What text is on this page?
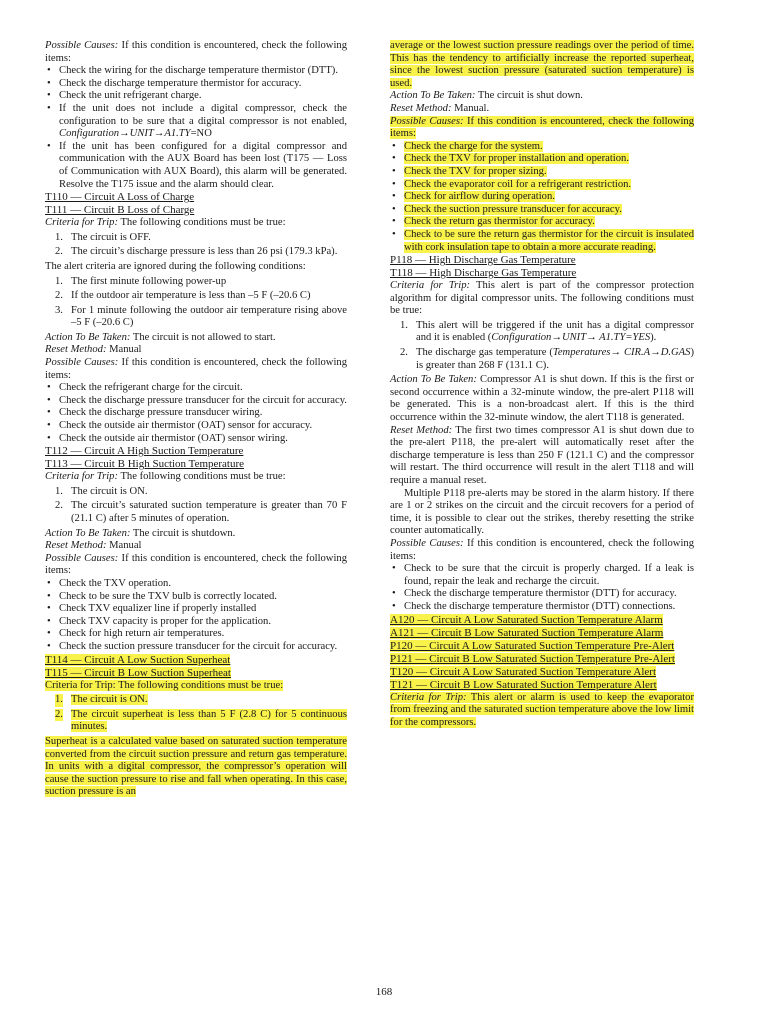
Possible Causes: If this condition is encountered, check the following items:

• Check the wiring for the discharge temperature thermistor (DTT).
• Check the discharge temperature thermistor for accuracy.
• Check the unit refrigerant charge.
• If the unit does not include a digital compressor, check the configuration to be sure that a digital compressor is not enabled, Configuration→UNIT→A1.TY=NO
• If the unit has been configured for a digital compressor and communication with the AUX Board has been lost (T175 — Loss of Communication with AUX Board), this alarm will be generated. Resolve the T175 issue and the alarm should clear.
T110 — Circuit A Loss of Charge
T111 — Circuit B Loss of Charge

Criteria for Trip: The following conditions must be true:

1. The circuit is OFF.
2. The circuit’s discharge pressure is less than 26 psi (179.3 kPa).

The alert criteria are ignored during the following conditions:

1. The first minute following power-up
2. If the outdoor air temperature is less than –5 F (–20.6 C)
3. For 1 minute following the outdoor air temperature rising above –5 F (–20.6 C)

Action To Be Taken: The circuit is not allowed to start.

Reset Method: Manual

Possible Causes: If this condition is encountered, check the following items:

• Check the refrigerant charge for the circuit.
• Check the discharge pressure transducer for the circuit for accuracy.
• Check the discharge pressure transducer wiring.
• Check the outside air thermistor (OAT) sensor for accuracy.
• Check the outside air thermistor (OAT) sensor wiring.
T112 — Circuit A High Suction Temperature
T113 — Circuit B High Suction Temperature

Criteria for Trip: The following conditions must be true:

1. The circuit is ON.
2. The circuit’s saturated suction temperature is greater than 70 F (21.1 C) after 5 minutes of operation.

Action To Be Taken: The circuit is shutdown.

Reset Method: Manual

Possible Causes: If this condition is encountered, check the following items:

• Check the TXV operation.
• Check to be sure the TXV bulb is correctly located.
• Check TXV equalizer line if properly installed
• Check TXV capacity is proper for the application.
• Check for high return air temperatures.
• Check the suction pressure transducer for the circuit for accuracy.
T114 — Circuit A Low Suction Superheat
T115 — Circuit B Low Suction Superheat

Criteria for Trip: The following conditions must be true:

1. The circuit is ON.
2. The circuit superheat is less than 5 F (2.8 C) for 5 continuous minutes.

Superheat is a calculated value based on saturated suction temperature converted from the circuit suction pressure and return gas temperature. In units with a digital compressor, the compressor’s operation will cause the suction pressure to rise and fall when operating. In this case, suction pressure is an

average or the lowest suction pressure readings over the period of time. This has the tendency to artificially increase the reported superheat, since the lowest suction pressure (saturated suction temperature) is used.

Action To Be Taken: The circuit is shut down.

Reset Method: Manual.

Possible Causes: If this condition is encountered, check the following items:

• Check the charge for the system.
• Check the TXV for proper installation and operation.
• Check the TXV for proper sizing.
• Check the evaporator coil for a refrigerant restriction.
• Check for airflow during operation.
• Check the suction pressure transducer for accuracy.
• Check the return gas thermistor for accuracy.
• Check to be sure the return gas thermistor for the circuit is insulated with cork insulation tape to obtain a more accurate reading.
P118 — High Discharge Gas Temperature
T118 — High Discharge Gas Temperature

Criteria for Trip: This alert is part of the compressor protection algorithm for digital compressor units. The following conditions must be true:

1. This alert will be triggered if the unit has a digital compressor and it is enabled (Configuration→UNIT→ A1.TY=YES).
2. The discharge gas temperature (Temperatures→ CIR.A→D.GAS) is greater than 268 F (131.1 C).

Action To Be Taken: Compressor A1 is shut down. If this is the first or second occurrence within a 32-minute window, the pre-alert P118 will be generated. This is a non-broadcast alert. If this is the third occurrence within the 32-minute window, the alert T118 is generated.

Reset Method: The first two times compressor A1 is shut down due to the pre-alert P118, the pre-alert will automatically reset after the discharge temperature is less than 250 F (121.1 C) and the compressor will restart. The third occurrence will result in the alert T118 and will require a manual reset.

Multiple P118 pre-alerts may be stored in the alarm history. If there are 1 or 2 strikes on the circuit and the circuit recovers for a period of time, it is possible to clear out the strikes, thereby resetting the strike counter automatically.

Possible Causes: If this condition is encountered, check the following items:

• Check to be sure that the circuit is properly charged. If a leak is found, repair the leak and recharge the circuit.
• Check the discharge temperature thermistor (DTT) for accuracy.
• Check the discharge temperature thermistor (DTT) connections.
A120 — Circuit A Low Saturated Suction Temperature Alarm
A121 — Circuit B Low Saturated Suction Temperature Alarm
P120 — Circuit A Low Saturated Suction Temperature Pre-Alert
P121 — Circuit B Low Saturated Suction Temperature Pre-Alert
T120 — Circuit A Low Saturated Suction Temperature Alert
T121 — Circuit B Low Saturated Suction Temperature Alert

Criteria for Trip: This alert or alarm is used to keep the evaporator from freezing and the saturated suction temperature above the low limit for the compressors.

168
